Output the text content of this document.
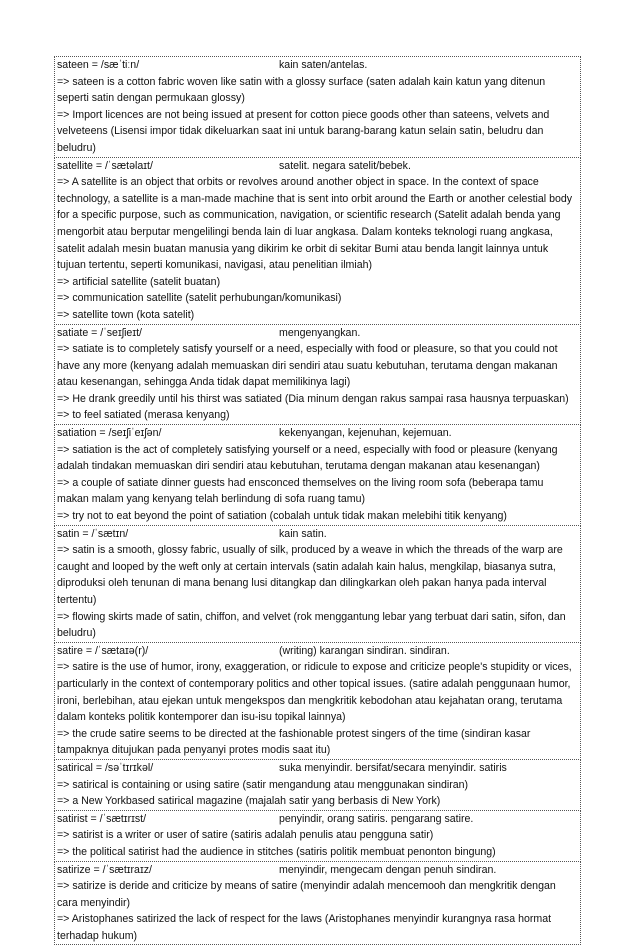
sateen = /sæˈtiːn/	kain saten/antelas.

=> sateen is a cotton fabric woven like satin with a glossy surface (saten adalah kain katun yang ditenun seperti satin dengan permukaan glossy)

=> Import licences are not being issued at present for cotton piece goods other than sateens, velvets and velveteens (Lisensi impor tidak dikeluarkan saat ini untuk barang-barang katun selain satin, beludru dan beludru)

satellite = /ˈsætəlaɪt/	satelit. negara satelit/bebek.

=> A satellite is an object that orbits or revolves around another object in space. In the context of space technology, a satellite is a man-made machine that is sent into orbit around the Earth or another celestial body for a specific purpose, such as communication, navigation, or scientific research (Satelit adalah benda yang mengorbit atau berputar mengelilingi benda lain di luar angkasa. Dalam konteks teknologi ruang angkasa, satelit adalah mesin buatan manusia yang dikirim ke orbit di sekitar Bumi atau benda langit lainnya untuk tujuan tertentu, seperti komunikasi, navigasi, atau penelitian ilmiah)

=> artificial satellite (satelit buatan)

=> communication satellite (satelit perhubungan/komunikasi)

=> satellite town (kota satelit)

satiate = /ˈseɪʃieɪt/	mengenyangkan.

=> satiate is to completely satisfy yourself or a need, especially with food or pleasure, so that you could not have any more (kenyang adalah memuaskan diri sendiri atau suatu kebutuhan, terutama dengan makanan atau kesenangan, sehingga Anda tidak dapat memilikinya lagi)

=> He drank greedily until his thirst was satiated (Dia minum dengan rakus sampai rasa hausnya terpuaskan)

=> to feel satiated (merasa kenyang)

satiation = /seɪʃiˈeɪʃən/	kekenyangan, kejenuhan, kejemuan.

=> satiation is the act of completely satisfying yourself or a need, especially with food or pleasure (kenyang adalah tindakan memuaskan diri sendiri atau kebutuhan, terutama dengan makanan atau kesenangan)

=> a couple of satiate dinner guests had ensconced themselves on the living room sofa (beberapa tamu makan malam yang kenyang telah berlindung di sofa ruang tamu)

=> try not to eat beyond the point of satiation (cobalah untuk tidak makan melebihi titik kenyang)

satin = /ˈsætɪn/	kain satin.

=> satin is a smooth, glossy fabric, usually of silk, produced by a weave in which the threads of the warp are caught and looped by the weft only at certain intervals (satin adalah kain halus, mengkilap, biasanya sutra, diproduksi oleh tenunan di mana benang lusi ditangkap dan dilingkarkan oleh pakan hanya pada interval tertentu)

=> flowing skirts made of satin, chiffon, and velvet (rok menggantung lebar yang terbuat dari satin, sifon, dan beludru)

satire = /ˈsætaɪə(r)/	(writing) karangan sindiran. sindiran.

=> satire is the use of humor, irony, exaggeration, or ridicule to expose and criticize people's stupidity or vices, particularly in the context of contemporary politics and other topical issues. (satire adalah penggunaan humor, ironi, berlebihan, atau ejekan untuk mengekspos dan mengkritik kebodohan atau kejahatan orang, terutama dalam konteks politik kontemporer dan isu-isu topikal lainnya)

=> the crude satire seems to be directed at the fashionable protest singers of the time (sindiran kasar tampaknya ditujukan pada penyanyi protes modis saat itu)

satirical = /səˈtɪrɪkəl/	suka menyindir. bersifat/secara menyindir. satiris

=> satirical is containing or using satire (satir mengandung atau menggunakan sindiran)

=> a New Yorkbased satirical magazine (majalah satir yang berbasis di New York)

satirist = /ˈsætɪrɪst/	penyindir, orang satiris. pengarang satire.

=> satirist is a writer or user of satire (satiris adalah penulis atau pengguna satir)

=> the political satirist had the audience in stitches (satiris politik membuat penonton bingung)

satirize = /ˈsætɪraɪz/	menyindir, mengecam dengan penuh sindiran.

=> satirize is deride and criticize by means of satire (menyindir adalah mencemooh dan mengkritik dengan cara menyindir)

=> Aristophanes satirized the lack of respect for the laws (Aristophanes menyindir kurangnya rasa hormat terhadap hukum)
